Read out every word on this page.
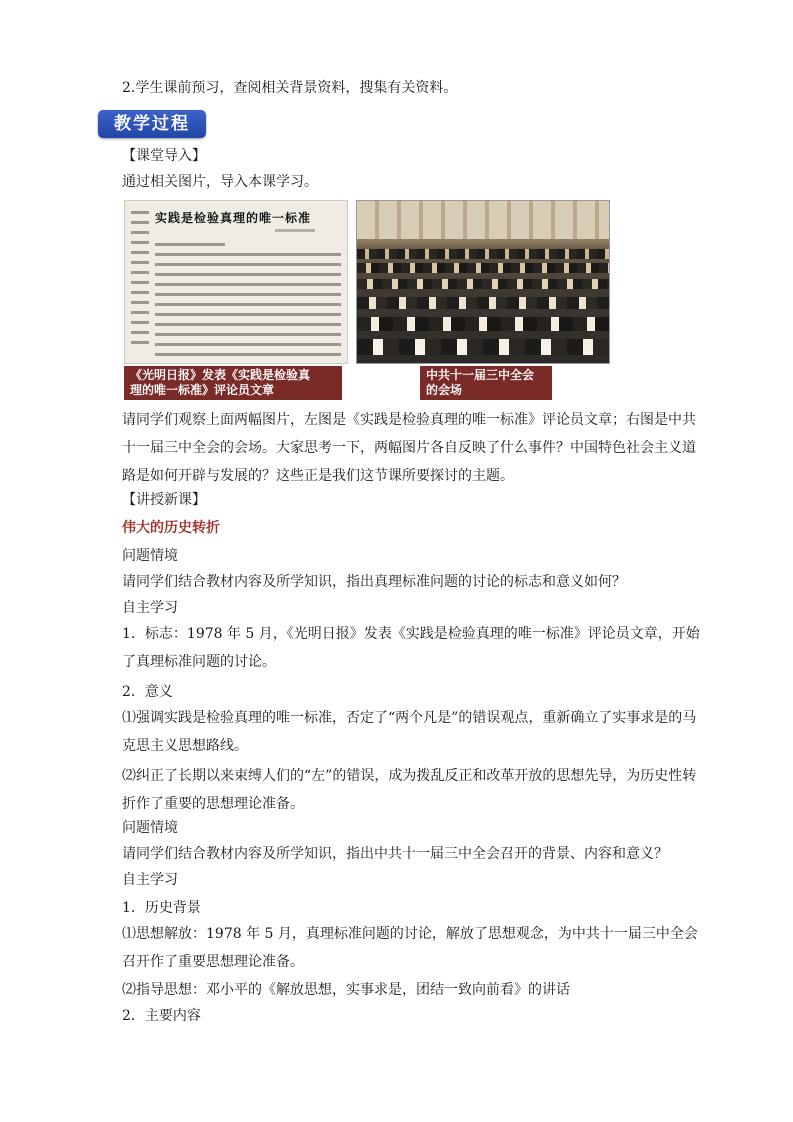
2.学生课前预习，查阅相关背景资料，搜集有关资料。
教学过程
【课堂导入】
通过相关图片，导入本课学习。
实践是检验真理的唯一标准
《光明日报》发表《实践是检验真
理的唯一标准》评论员文章
中共十一届三中全会
的会场
请同学们观察上面两幅图片，左图是《实践是检验真理的唯一标准》评论员文章；右图是中共十一届三中全会的会场。大家思考一下，两幅图片各自反映了什么事件？中国特色社会主义道路是如何开辟与发展的？这些正是我们这节课所要探讨的主题。
【讲授新课】
伟大的历史转折
问题情境
请同学们结合教材内容及所学知识，指出真理标准问题的讨论的标志和意义如何？
自主学习
1．标志：1978 年 5 月，《光明日报》发表《实践是检验真理的唯一标准》评论员文章，开始了真理标准问题的讨论。
2．意义
⑴强调实践是检验真理的唯一标准，否定了“两个凡是”的错误观点，重新确立了实事求是的马克思主义思想路线。
⑵纠正了长期以来束缚人们的“左”的错误，成为拨乱反正和改革开放的思想先导，为历史性转折作了重要的思想理论准备。
问题情境
请同学们结合教材内容及所学知识，指出中共十一届三中全会召开的背景、内容和意义？
自主学习
1．历史背景
⑴思想解放：1978 年 5 月，真理标准问题的讨论，解放了思想观念，为中共十一届三中全会召开作了重要思想理论准备。
⑵指导思想：邓小平的《解放思想，实事求是，团结一致向前看》的讲话
2．主要内容
